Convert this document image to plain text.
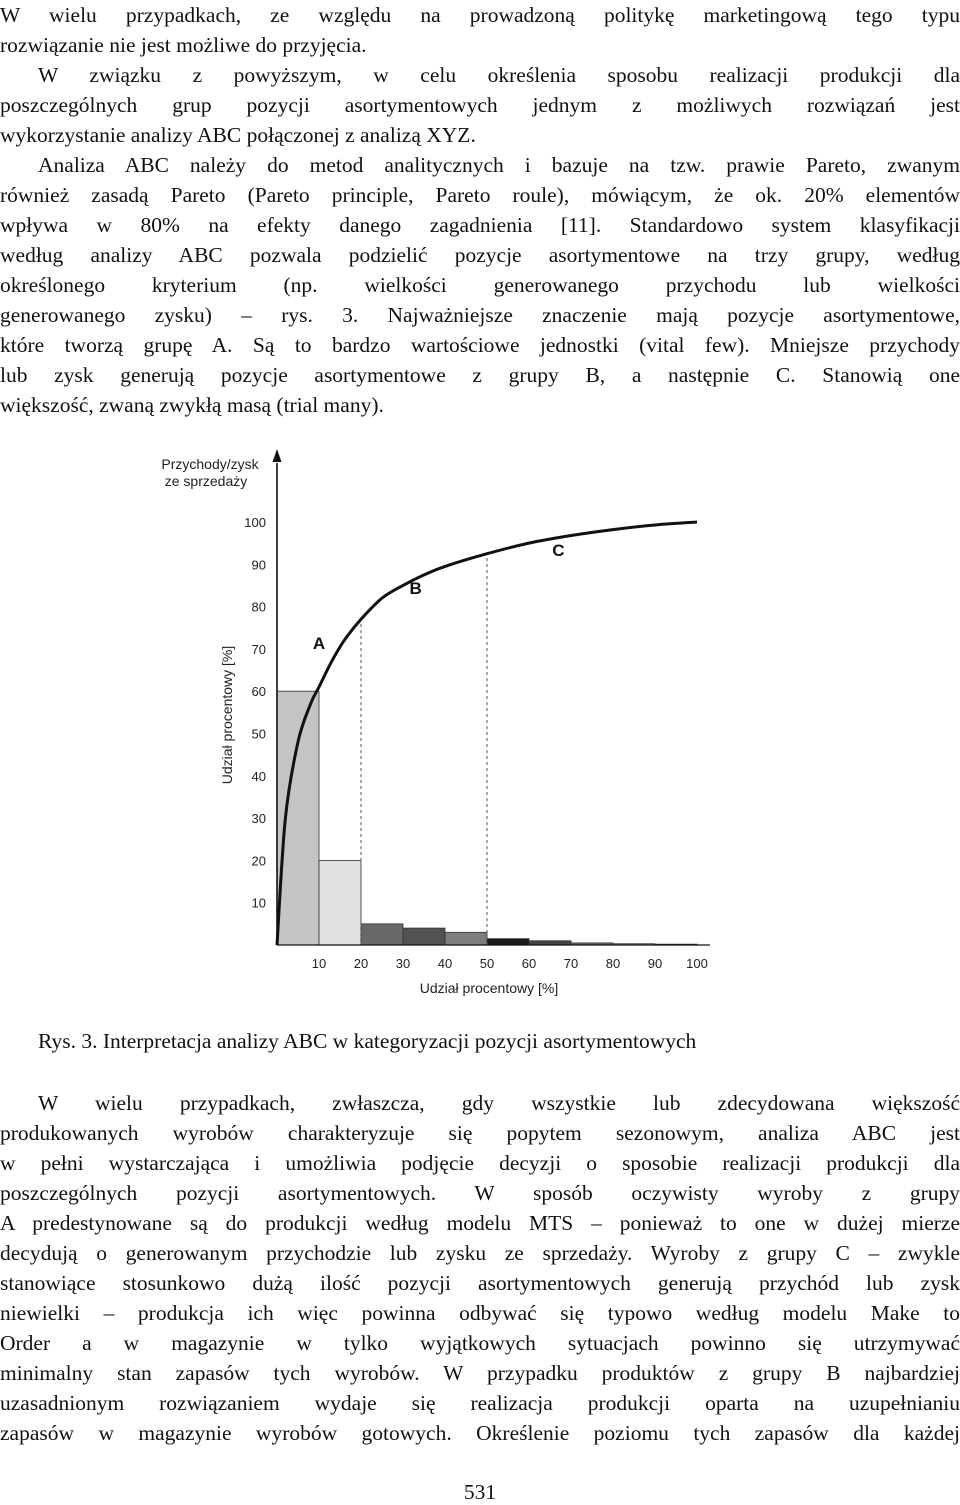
W wielu przypadkach, ze względu na prowadzoną politykę marketingową tego typu
rozwiązanie nie jest możliwe do przyjęcia.
W związku z powyższym, w celu określenia sposobu realizacji produkcji dla
poszczególnych grup pozycji asortymentowych jednym z możliwych rozwiązań jest
wykorzystanie analizy ABC połączonej z analizą XYZ.
Analiza ABC należy do metod analitycznych i bazuje na tzw. prawie Pareto, zwanym
również zasadą Pareto (Pareto principle, Pareto roule), mówiącym, że ok. 20% elementów
wpływa w 80% na efekty danego zagadnienia [11]. Standardowo system klasyfikacji
według analizy ABC pozwala podzielić pozycje asortymentowe na trzy grupy, według
określonego kryterium (np. wielkości generowanego przychodu lub wielkości
generowanego zysku) – rys. 3. Najważniejsze znaczenie mają pozycje asortymentowe,
które tworzą grupę A. Są to bardzo wartościowe jednostki (vital few). Mniejsze przychody
lub zysk generują pozycje asortymentowe z grupy B, a następnie C. Stanowią one
większość, zwaną zwykłą masą (trial many).
10
20
30
40
50
60
70
80
90
100
10 20 30 40 50 60 70 80 90 100
A
B
C
Przychody/zysk
ze sprzedaży
Udział procentowy [%]
Udział procentowy [%]
Rys. 3. Interpretacja analizy ABC w kategoryzacji pozycji asortymentowych
W wielu przypadkach, zwłaszcza, gdy wszystkie lub zdecydowana większość
produkowanych wyrobów charakteryzuje się popytem sezonowym, analiza ABC jest
w pełni wystarczająca i umożliwia podjęcie decyzji o sposobie realizacji produkcji dla
poszczególnych pozycji asortymentowych. W sposób oczywisty wyroby z grupy
A predestynowane są do produkcji według modelu MTS – ponieważ to one w dużej mierze
decydują o generowanym przychodzie lub zysku ze sprzedaży. Wyroby z grupy C – zwykle
stanowiące stosunkowo dużą ilość pozycji asortymentowych generują przychód lub zysk
niewielki – produkcja ich więc powinna odbywać się typowo według modelu Make to
Order a w magazynie w tylko wyjątkowych sytuacjach powinno się utrzymywać
minimalny stan zapasów tych wyrobów. W przypadku produktów z grupy B najbardziej
uzasadnionym rozwiązaniem wydaje się realizacja produkcji oparta na uzupełnianiu
zapasów w magazynie wyrobów gotowych. Określenie poziomu tych zapasów dla każdej
531
